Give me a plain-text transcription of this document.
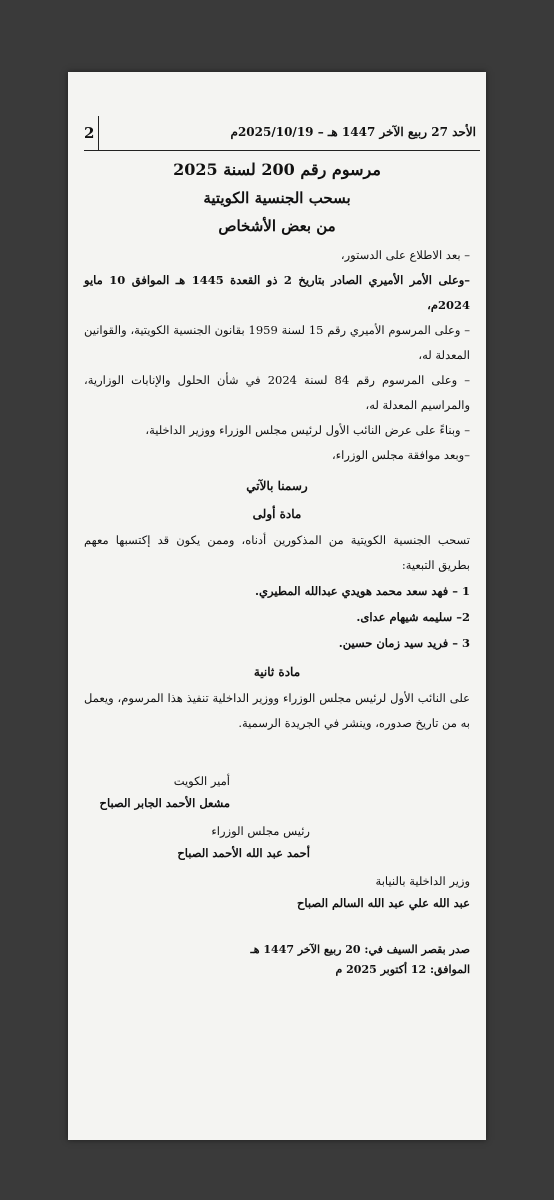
2	الأحد 27 ربيع الآخر 1447 هـ – 2025/10/19م
مرسوم رقم 200 لسنة 2025
بسحب الجنسية الكويتية
من بعض الأشخاص

– بعد الاطلاع على الدستور،

–وعلى الأمر الأميري الصادر بتاريخ 2 ذو القعدة 1445 هـ الموافق 10 مايو 2024م،

– وعلى المرسوم الأميري رقم 15 لسنة 1959 بقانون الجنسية الكويتية، والقوانين المعدلة له،

– وعلى المرسوم رقم 84 لسنة 2024 في شأن الحلول والإنابات الوزارية، والمراسيم المعدلة له،

– وبناءً على عرض النائب الأول لرئيس مجلس الوزراء ووزير الداخلية،

–وبعد موافقة مجلس الوزراء،

رسمنا بالآتي
مادة أولى

تسحب الجنسية الكويتية من المذكورين أدناه، وممن يكون قد إكتسبها معهم بطريق التبعية:

1 – فهد سعد محمد هويدي عبدالله المطيري.
2– سليمه شيهام عداى.
3 – فريد سيد زمان حسين.
مادة ثانية

على النائب الأول لرئيس مجلس الوزراء ووزير الداخلية تنفيذ هذا المرسوم، ويعمل به من تاريخ صدوره، وينشر في الجريدة الرسمية.

أمير الكويت
مشعل الأحمد الجابر الصباح
رئيس مجلس الوزراء
أحمد عبد الله الأحمد الصباح
وزير الداخلية بالنيابة
عبد الله علي عبد الله السالم الصباح
صدر بقصر السيف في: 20 ربيع الآخر 1447 هـ
الموافق: 12 أكتوبر 2025 م
